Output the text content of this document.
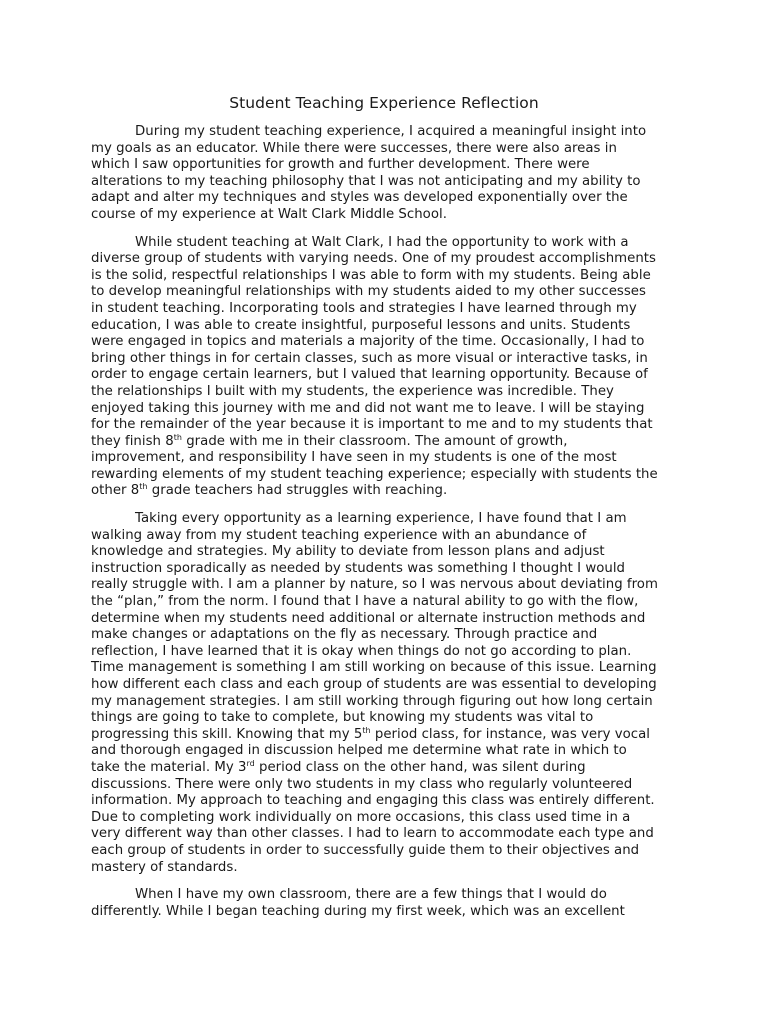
Student Teaching Experience Reflection
During my student teaching experience, I acquired a meaningful insight into
my goals as an educator. While there were successes, there were also areas in
which I saw opportunities for growth and further development. There were
alterations to my teaching philosophy that I was not anticipating and my ability to
adapt and alter my techniques and styles was developed exponentially over the
course of my experience at Walt Clark Middle School.
While student teaching at Walt Clark, I had the opportunity to work with a
diverse group of students with varying needs. One of my proudest accomplishments
is the solid, respectful relationships I was able to form with my students. Being able
to develop meaningful relationships with my students aided to my other successes
in student teaching. Incorporating tools and strategies I have learned through my
education, I was able to create insightful, purposeful lessons and units. Students
were engaged in topics and materials a majority of the time. Occasionally, I had to
bring other things in for certain classes, such as more visual or interactive tasks, in
order to engage certain learners, but I valued that learning opportunity. Because of
the relationships I built with my students, the experience was incredible. They
enjoyed taking this journey with me and did not want me to leave. I will be staying
for the remainder of the year because it is important to me and to my students that
they finish 8th grade with me in their classroom. The amount of growth,
improvement, and responsibility I have seen in my students is one of the most
rewarding elements of my student teaching experience; especially with students the
other 8th grade teachers had struggles with reaching.
Taking every opportunity as a learning experience, I have found that I am
walking away from my student teaching experience with an abundance of
knowledge and strategies. My ability to deviate from lesson plans and adjust
instruction sporadically as needed by students was something I thought I would
really struggle with. I am a planner by nature, so I was nervous about deviating from
the “plan,” from the norm. I found that I have a natural ability to go with the flow,
determine when my students need additional or alternate instruction methods and
make changes or adaptations on the fly as necessary. Through practice and
reflection, I have learned that it is okay when things do not go according to plan.
Time management is something I am still working on because of this issue. Learning
how different each class and each group of students are was essential to developing
my management strategies. I am still working through figuring out how long certain
things are going to take to complete, but knowing my students was vital to
progressing this skill. Knowing that my 5th period class, for instance, was very vocal
and thorough engaged in discussion helped me determine what rate in which to
take the material. My 3rd period class on the other hand, was silent during
discussions. There were only two students in my class who regularly volunteered
information. My approach to teaching and engaging this class was entirely different.
Due to completing work individually on more occasions, this class used time in a
very different way than other classes. I had to learn to accommodate each type and
each group of students in order to successfully guide them to their objectives and
mastery of standards.
When I have my own classroom, there are a few things that I would do
differently. While I began teaching during my first week, which was an excellent
